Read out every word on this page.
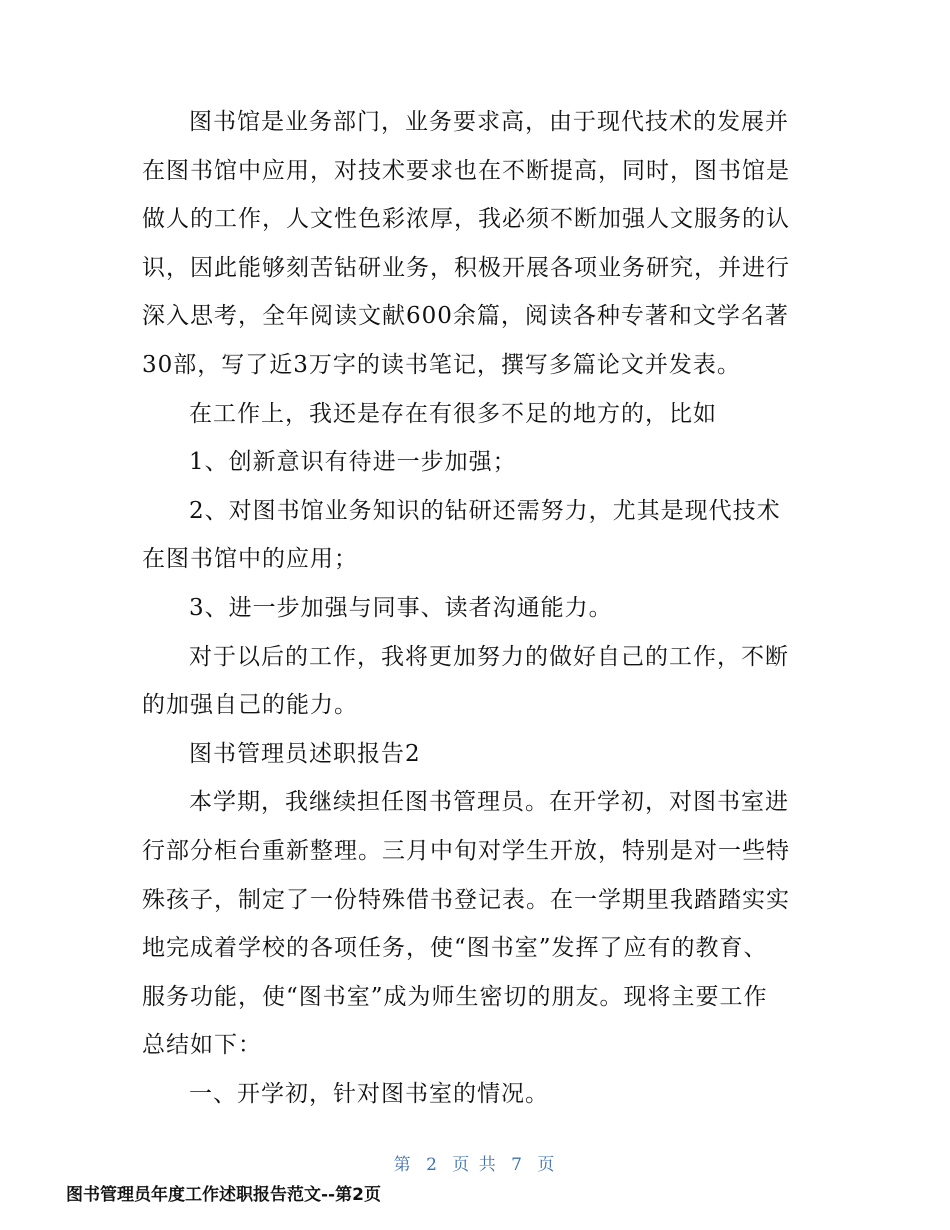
图书馆是业务部门，业务要求高，由于现代技术的发展并
在图书馆中应用，对技术要求也在不断提高，同时，图书馆是
做人的工作，人文性色彩浓厚，我必须不断加强人文服务的认
识，因此能够刻苦钻研业务，积极开展各项业务研究，并进行
深入思考，全年阅读文献600余篇，阅读各种专著和文学名著
30部，写了近3万字的读书笔记，撰写多篇论文并发表。
在工作上，我还是存在有很多不足的地方的，比如
1、创新意识有待进一步加强；
2、对图书馆业务知识的钻研还需努力，尤其是现代技术
在图书馆中的应用；
3、进一步加强与同事、读者沟通能力。
对于以后的工作，我将更加努力的做好自己的工作，不断
的加强自己的能力。
图书管理员述职报告2
本学期，我继续担任图书管理员。在开学初，对图书室进
行部分柜台重新整理。三月中旬对学生开放，特别是对一些特
殊孩子，制定了一份特殊借书登记表。在一学期里我踏踏实实
地完成着学校的各项任务，使“图书室”发挥了应有的教育、
服务功能，使“图书室”成为师生密切的朋友。现将主要工作
总结如下：
一、开学初，针对图书室的情况。
第 2 页 共 7 页
图书管理员年度工作述职报告范文--第2页
